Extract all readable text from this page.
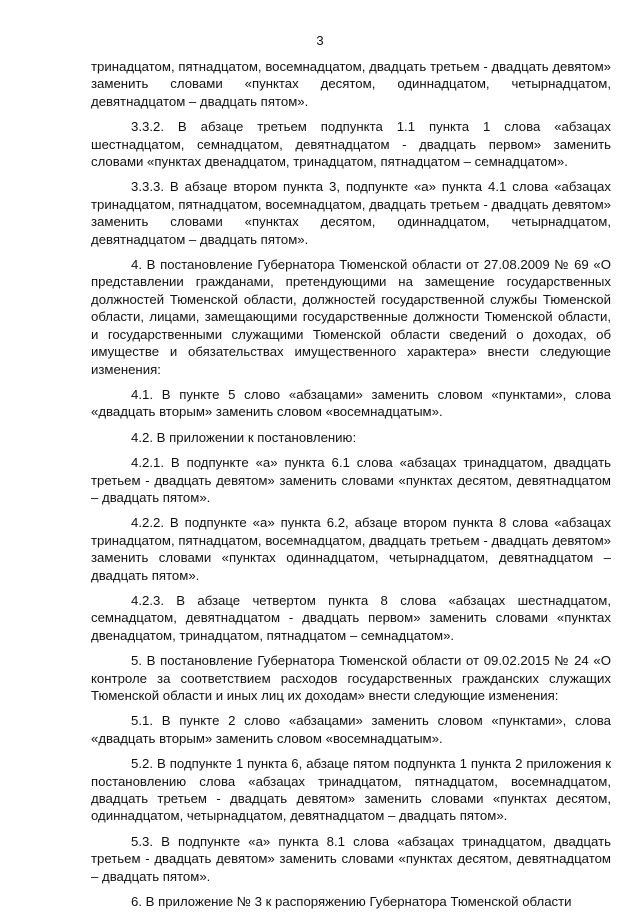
3

тринадцатом, пятнадцатом, восемнадцатом, двадцать третьем - двадцать девятом» заменить словами «пунктах десятом, одиннадцатом, четырнадцатом, девятнадцатом – двадцать пятом».

3.3.2. В абзаце третьем подпункта 1.1 пункта 1 слова «абзацах шестнадцатом, семнадцатом, девятнадцатом - двадцать первом» заменить словами «пунктах двенадцатом, тринадцатом, пятнадцатом – семнадцатом».

3.3.3. В абзаце втором пункта 3, подпункте «а» пункта 4.1 слова «абзацах тринадцатом, пятнадцатом, восемнадцатом, двадцать третьем - двадцать девятом» заменить словами «пунктах десятом, одиннадцатом, четырнадцатом, девятнадцатом – двадцать пятом».

4. В постановление Губернатора Тюменской области от 27.08.2009 № 69 «О представлении гражданами, претендующими на замещение государственных должностей Тюменской области, должностей государственной службы Тюменской области, лицами, замещающими государственные должности Тюменской области, и государственными служащими Тюменской области сведений о доходах, об имуществе и обязательствах имущественного характера» внести следующие изменения:

4.1. В пункте 5 слово «абзацами» заменить словом «пунктами», слова «двадцать вторым» заменить словом «восемнадцатым».

4.2. В приложении к постановлению:

4.2.1. В подпункте «а» пункта 6.1 слова «абзацах тринадцатом, двадцать третьем - двадцать девятом» заменить словами «пунктах десятом, девятнадцатом – двадцать пятом».

4.2.2. В подпункте «а» пункта 6.2, абзаце втором пункта 8 слова «абзацах тринадцатом, пятнадцатом, восемнадцатом, двадцать третьем - двадцать девятом» заменить словами «пунктах одиннадцатом, четырнадцатом, девятнадцатом – двадцать пятом».

4.2.3. В абзаце четвертом пункта 8 слова «абзацах шестнадцатом, семнадцатом, девятнадцатом - двадцать первом» заменить словами «пунктах двенадцатом, тринадцатом, пятнадцатом – семнадцатом».

5. В постановление Губернатора Тюменской области от 09.02.2015 № 24 «О контроле за соответствием расходов государственных гражданских служащих Тюменской области и иных лиц их доходам» внести следующие изменения:

5.1. В пункте 2 слово «абзацами» заменить словом «пунктами», слова «двадцать вторым» заменить словом «восемнадцатым».

5.2. В подпункте 1 пункта 6, абзаце пятом подпункта 1 пункта 2 приложения к постановлению слова «абзацах тринадцатом, пятнадцатом, восемнадцатом, двадцать третьем - двадцать девятом» заменить словами «пунктах десятом, одиннадцатом, четырнадцатом, девятнадцатом – двадцать пятом».

5.3. В подпункте «а» пункта 8.1 слова «абзацах тринадцатом, двадцать третьем - двадцать девятом» заменить словами «пунктах десятом, девятнадцатом – двадцать пятом».

6. В приложение № 3 к распоряжению Губернатора Тюменской области
